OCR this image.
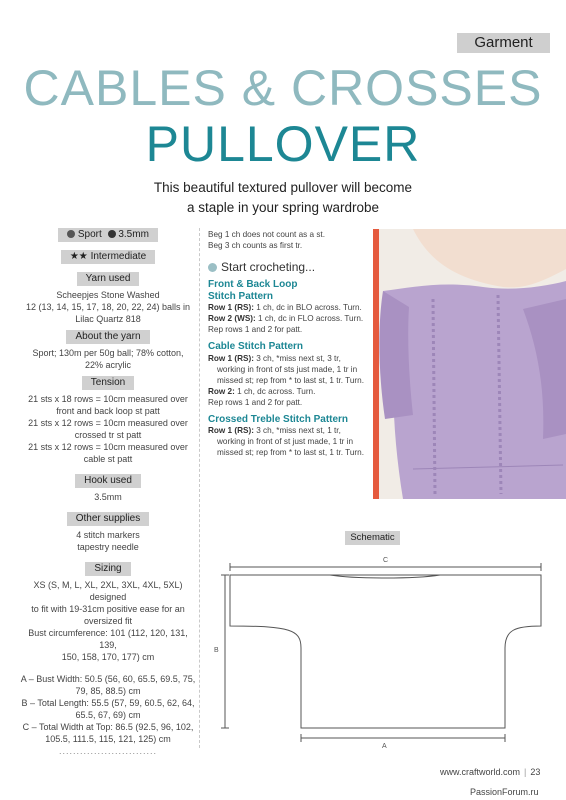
Garment
CABLES & CROSSES
PULLOVER
This beautiful textured pullover will become
a staple in your spring wardrobe
Sport 3.5mm
★★ Intermediate
Yarn used
Scheepjes Stone Washed
12 (13, 14, 15, 17, 18, 20, 22, 24) balls in
Lilac Quartz 818
About the yarn
Sport; 130m per 50g ball; 78% cotton,
22% acrylic
Tension
21 sts x 18 rows = 10cm measured over
front and back loop st patt
21 sts x 12 rows = 10cm measured over
crossed tr st patt
21 sts x 12 rows = 10cm measured over
cable st patt
Hook used
3.5mm
Other supplies
4 stitch markers
tapestry needle
Sizing
XS (S, M, L, XL, 2XL, 3XL, 4XL, 5XL) designed
to fit with 19-31cm positive ease for an
oversized fit
Bust circumference: 101 (112, 120, 131, 139,
150, 158, 170, 177) cm
A – Bust Width: 50.5 (56, 60, 65.5, 69.5, 75,
79, 85, 88.5) cm
B – Total Length: 55.5 (57, 59, 60.5, 62, 64,
65.5, 67, 69) cm
C – Total Width at Top: 86.5 (92.5, 96, 102,
105.5, 111.5, 115, 121, 125) cm
............................
Beg 1 ch does not count as a st.
Beg 3 ch counts as first tr.
Start crocheting...
Front & Back Loop
Stitch Pattern
Row 1 (RS): 1 ch, dc in BLO across. Turn.
Row 2 (WS): 1 ch, dc in FLO across. Turn.
Rep rows 1 and 2 for patt.
Cable Stitch Pattern
Row 1 (RS): 3 ch, *miss next st, 3 tr,
working in front of sts just made, 1 tr in
missed st; rep from * to last st, 1 tr. Turn.
Row 2: 1 ch, dc across. Turn.
Rep rows 1 and 2 for patt.
Crossed Treble Stitch Pattern
Row 1 (RS): 3 ch, *miss next st, 1 tr,
working in front of st just made, 1 tr in
missed st; rep from * to last st, 1 tr. Turn.
Schematic
C
B
A
www.craftworld.com | 23
PassionForum.ru
